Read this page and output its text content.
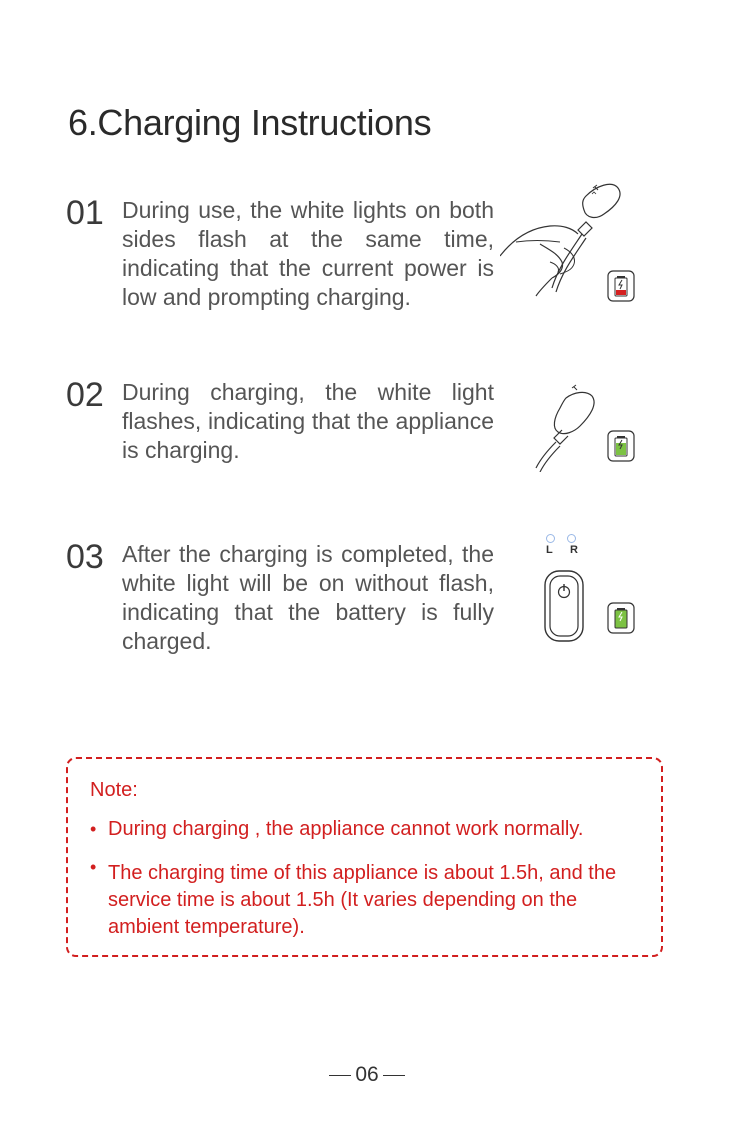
6.Charging Instructions
01 During use, the white lights on both sides flash at the same time, indicating that the current power is low and prompting charging.
02 During charging, the white light flashes, indicating that the appliance is charging.
03 After the charging is completed, the white light will be on without flash, indicating that the battery is fully charged.
L R
Note:
• During charging , the appliance cannot work normally.
• The charging time of this appliance is about 1.5h, and the service time is about 1.5h (It varies depending on the ambient temperature).
06
